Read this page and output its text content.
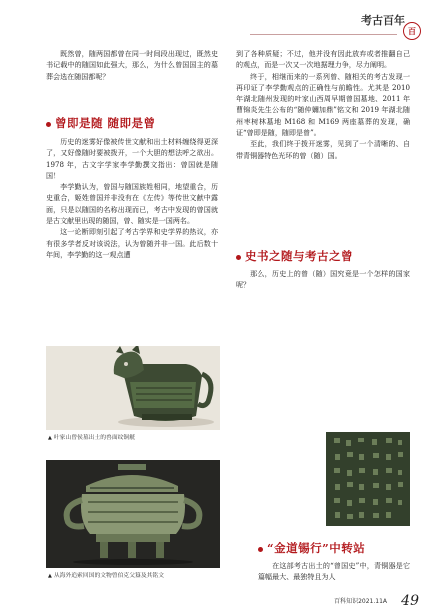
考古百年
百

既然曾，随两国都曾在同一时间段出现过，既然史书记载中的随国如此强大，那么，为什么曾国国主的墓葬会选在随国都呢？

曾即是随 随即是曾

历史的迷雾好像被传世文献和出土材料缠绕得更深了，又好像随时要被拨开，一个大胆的想法呼之欲出。1978 年，古文字学家李学勤撰文指出：曾国就是随国！

李学勤认为，曾国与随国族姓相同，地望重合，历史重合，姬姓曾国并非没有在《左传》等传世文献中露面，只是以随国的名称出现而已，考古中发现的曾国就是古文献里出现的随国，曾、随实是一国两名。

这一论断即刻引起了考古学界和史学界的热议，亦有很多学者反对该说法，认为曾随并非一国。此后数十年间，李学勤的这一观点遭

▲ 叶家山曾侯墓出土的兽面纹铜觥
▲ 从海外追索回国的文物曾伯克父簋及其铭文

到了各种质疑；不过，他并没有因此放弃或者推翻自己的观点，而是一次又一次地据理力争，尽力阐明。

终于，相继而来的一系列曾、随相关的考古发现一再印证了李学勤观点的正确性与前瞻性。尤其是 2010 年湖北随州发现的叶家山西周早期曾国墓地、2011 年曹锦炎先生公布的“随仲嬭加鼎”铭文和 2019 年湖北随州枣树林墓地 M168 和 M169 两座墓葬的发现，确证“曾即是随，随即是曾”。

至此，我们终于拨开迷雾，见到了一个清晰的、自带青铜器特色光环的曾（随）国。

史书之随与考古之曾

那么，历史上的曾（随）国究竟是一个怎样的国家呢？

“金道锡行”中转站

在这部考古出土的“曾国史”中，青铜器是它篇幅最大、最独特且为人

百科知识2021.11A 49
